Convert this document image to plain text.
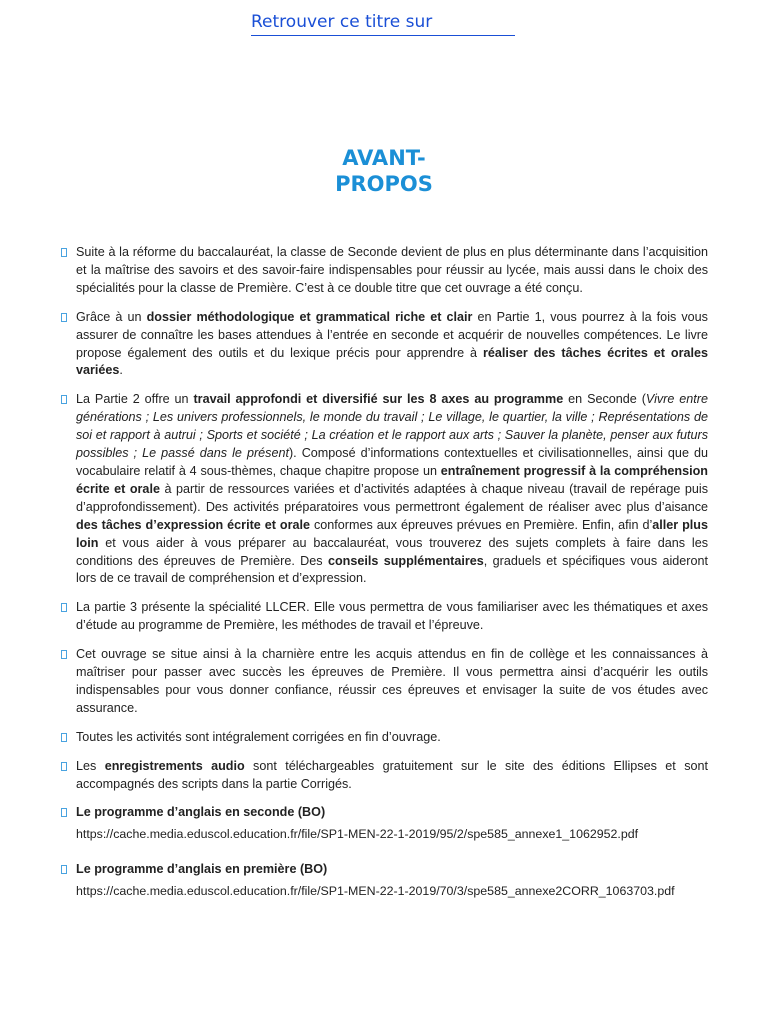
Retrouver ce titre sur
AVANT-
PROPOS

Suite à la réforme du baccalauréat, la classe de Seconde devient de plus en plus déterminante dans l’acquisition et la maîtrise des savoirs et des savoir-faire indispensables pour réussir au lycée, mais aussi dans le choix des spécialités pour la classe de Première. C’est à ce double titre que cet ouvrage a été conçu.

Grâce à un dossier méthodologique et grammatical riche et clair en Partie 1, vous pourrez à la fois vous assurer de connaître les bases attendues à l’entrée en seconde et acquérir de nouvelles compétences. Le livre propose également des outils et du lexique précis pour apprendre à réaliser des tâches écrites et orales variées.

La Partie 2 offre un travail approfondi et diversifié sur les 8 axes au programme en Seconde (Vivre entre générations ; Les univers professionnels, le monde du travail ; Le village, le quartier, la ville ; Représentations de soi et rapport à autrui ; Sports et société ; La création et le rapport aux arts ; Sauver la planète, penser aux futurs possibles ; Le passé dans le présent). Composé d’informations contextuelles et civilisationnelles, ainsi que du vocabulaire relatif à 4 sous-thèmes, chaque chapitre propose un entraînement progressif à la compréhension écrite et orale à partir de ressources variées et d’activités adaptées à chaque niveau (travail de repérage puis d’approfondissement). Des activités préparatoires vous permettront également de réaliser avec plus d’aisance des tâches d’expression écrite et orale conformes aux épreuves prévues en Première. Enfin, afin d’aller plus loin et vous aider à vous préparer au baccalauréat, vous trouverez des sujets complets à faire dans les conditions des épreuves de Première. Des conseils supplémentaires, graduels et spécifiques vous aideront lors de ce travail de compréhension et d’expression.

La partie 3 présente la spécialité LLCER. Elle vous permettra de vous familiariser avec les thématiques et axes d’étude au programme de Première, les méthodes de travail et l’épreuve.

Cet ouvrage se situe ainsi à la charnière entre les acquis attendus en fin de collège et les connaissances à maîtriser pour passer avec succès les épreuves de Première. Il vous permettra ainsi d’acquérir les outils indispensables pour vous donner confiance, réussir ces épreuves et envisager la suite de vos études avec assurance.

Toutes les activités sont intégralement corrigées en fin d’ouvrage.

Les enregistrements audio sont téléchargeables gratuitement sur le site des éditions Ellipses et sont accompagnés des scripts dans la partie Corrigés.

Le programme d’anglais en seconde (BO)

https://cache.media.eduscol.education.fr/file/SP1-MEN-22-1-2019/95/2/spe585_annexe1_1062952.pdf

Le programme d’anglais en première (BO)

https://cache.media.eduscol.education.fr/file/SP1-MEN-22-1-2019/70/3/spe585_annexe2CORR_1063703.pdf
